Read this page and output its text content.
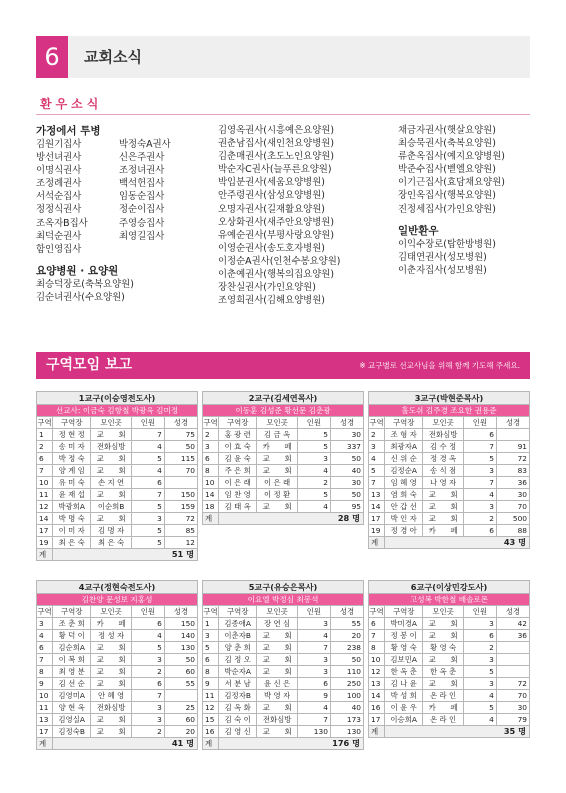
6	교회소식
환우소식
가정에서 투병
김원기집사	박정숙A권사
방선녀권사	신은주권사
이명식권사	조정녀권사
조정례권사	백석헌집사
서석순집사	임동순집사
정정식권사	정순이집사
조옥자B집사	주영승집사
최덕순권사	최영길집사
함인영집사
요양병원 · 요양원
최승덕장로(축복요양원)
김순녀권사(수요양원)
김영옥권사(시흥예은요양원)
권춘남집사(새인천요양병원)
김춘매권사(초도노인요양원)
박순자C권사(늘푸른요양원)
박입분권사(세움요양병원)
안주령권사(삼성요양병원)
오명자권사(길재활요양원)
오상화권사(새주안요양병원)
유예순권사(부평사랑요양원)
이영순권사(송도호자병원)
이정순A권사(인천수봉요양원)
이춘예권사(행복의집요양원)
장찬실권사(가인요양원)
조영희권사(김해요양병원)
채금자권사(햇살요양원)
최승묵권사(축복요양원)
류춘옥집사(예지요양병원)
박준수집사(벧엘요양원)
이기근집사(효담채요양원)
장인옥집사(행복요양원)
진정세집사(가인요양원)
일반환우
이익수장로(탑한방병원)
김태연권사(성모병원)
이춘자집사(성모병원)
구역모임 보고	※ 교구별로 선교사님을 위해 함께 기도해 주세요.
1교구(이승영전도사)				
선교사: 이금숙 김항철 박광옥 김미정				
구역	구역장	모인곳	인원	성경
1	정 현 정	교　　회	7	75
2	송 미 자	전화심방	4	50
6	박 정 숙	교　　회	5	115
7	양 계 임	교　　회	4	70
10	유 미 숙	손 지 연	6	
11	윤 재 섭	교　　회	7	150
12	박광희A	이순희B	5	159
14	박 명 숙	교　　회	3	72
17	이 미 자	김 명 자	5	85
19	최 은 숙	최 은 숙	5	12
계	51 명			
2교구(김세연목사)				
이동훈 김성준 황선문 김춘광				
구역	구역장	모인곳	인원	성경
2	홍 광 련	김 금 옥	5	30
3	이 효 숙	카　　페	5	337
6	김 윤 숙	교　　회	3	50
8	주 은 희	교　　회	4	40
10	이 은 래	이 은 래	2	30
14	임 찬 영	이 정 환	5	50
18	김 태 옥	교　　회	4	95
계	28 명			
3교구(박현준목사)				
홀도쉬 김주경 조요한 권용준				
구역	구역장	모인곳	인원	성경
2	조 형 자	전화심방	6	
3	최광자A	김 수 정	7	91
4	신 위 순	정 경 옥	5	72
5	김정순A	송 식 점	3	83
7	임 혜 영	나 영 자	7	36
13	염 희 숙	교　　회	4	30
14	안 갑 선	교　　회	3	70
17	박 인 자	교　　회	2	500
19	정 경 아	카　　페	6	88
계	43 명			
4교구(정현숙전도사)				
김찬양 문성보 지홍성				
구역	구역장	모인곳	인원	성경
3	조 춘 희	카　　페	6	150
4	황 덕 이	정 성 자	4	140
6	김순희A	교　　회	5	130
7	이 복 희	교　　회	3	50
8	최 영 분	교　　회	2	60
9	김 선 순	교　　회	6	55
10	김영미A	안 혜 영	7	
11	양 현 옥	전화심방	3	25
13	김영실A	교　　회	3	60
17	김정숙B	교　　회	2	20
계	41 명			
5교구(유승은목사)				
이요엘 박정심 최봉석				
구역	구역장	모인곳	인원	성경
1	김종애A	장 연 심	3	55
3	이춘자B	교　　회	4	20
5	양 춘 희	교　　회	7	238
6	김 정 오	교　　회	3	50
8	박순자A	교　　회	3	110
9	서 분 남	윤 신 은	6	250
11	김정자B	박 영 자	9	100
12	김 옥 화	교　　회	4	40
15	김 숙 이	전화심방	7	173
16	김 영 신	교　　회	130	130
계	176 명			
6교구(이상민강도사)				
고성복 박한철 배솔로몬				
구역	구역장	모인곳	인원	성경
6	박미경A	교　　회	3	42
7	정 봉 이	교　　회	6	36
8	황 영 숙	황 영 숙	2	
10	김보민A	교　　회	3	
12	한 옥 춘	한 옥 춘	5	
13	김 나 윤	교　　회	3	72
14	박 성 희	온 라 인	4	70
16	이 윤 우	카　　페	5	30
17	이승희A	온 라 인	4	79
계	35 명			
